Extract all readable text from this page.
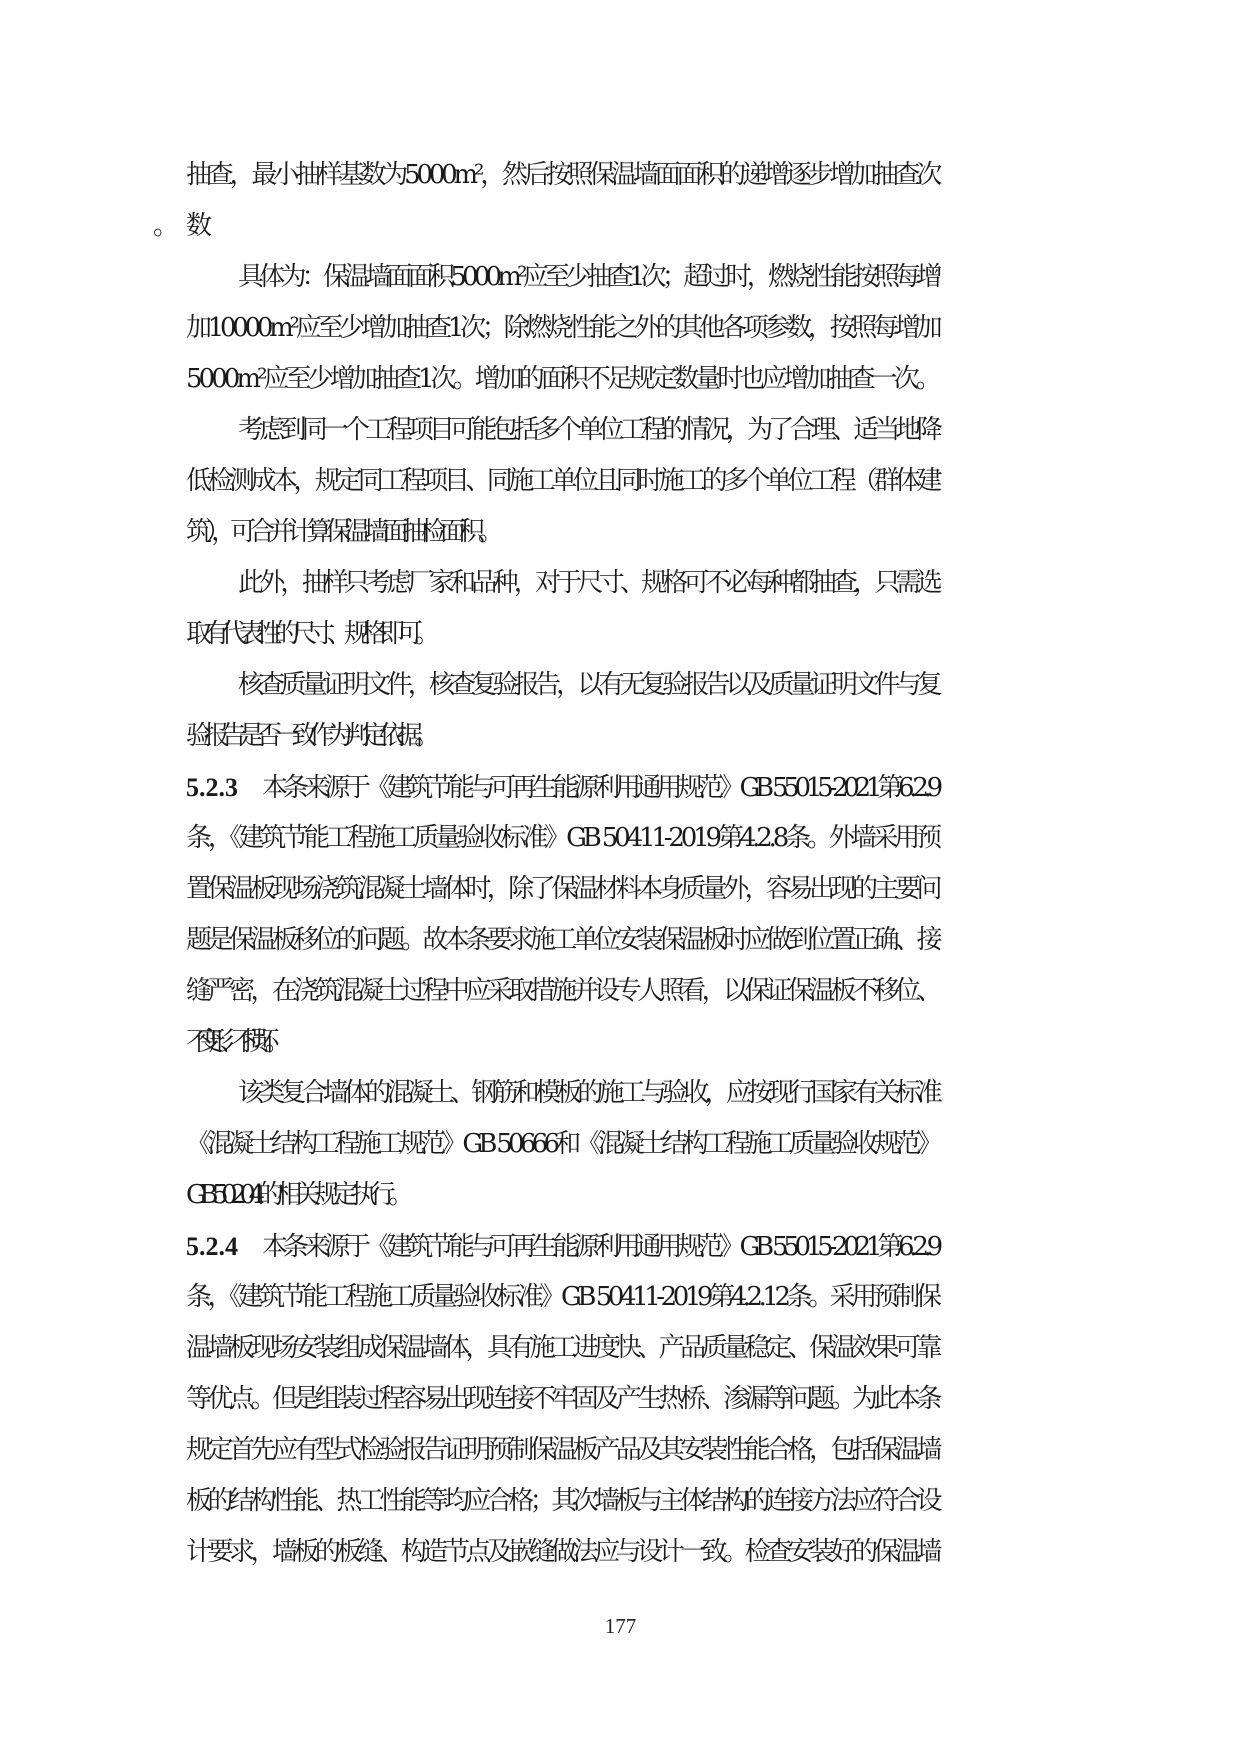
抽查，最小抽样基数为5000m²，然后按照保温墙面面积的递增逐步增加抽查次
具体为：保温墙面面积5000m²应至少抽查1次；超过时，燃烧性能按照每增
加10000m²应至少增加抽查1次；除燃烧性能之外的其他各项参数，按照每增加
5000m²应至少增加抽查1次。增加的面积不足规定数量时也应增加抽查一次。
考虑到同一个工程项目可能包括多个单位工程的情况，为了合理、适当地降
低检测成本，规定同工程项目、同施工单位且同时施工的多个单位工程（群体建
筑），可合并计算保温墙面抽检面积。
此外，抽样只考虑厂家和品种，对于尺寸、规格可不必每种都抽查，只需选
取有代表性的尺寸、规格即可。
核查质量证明文件，核查复验报告，以有无复验报告以及质量证明文件与复
验报告是否一致作为判定依据。
5.2.3 本条来源于《建筑节能与可再生能源利用通用规范》GB 55015-2021第6.2.9
条，《建筑节能工程施工质量验收标准》GB 50411-2019第4.2.8条。外墙采用预
置保温板现场浇筑混凝土墙体时，除了保温材料本身质量外，容易出现的主要问
题是保温板移位的问题。故本条要求施工单位安装保温板时应做到位置正确、接
缝严密，在浇筑混凝土过程中应采取措施并设专人照看，以保证保温板不移位、
不变形、不损坏。
该类复合墙体的混凝土、钢筋和模板的施工与验收，应按现行国家有关标准
《混凝土结构工程施工规范》GB 50666和《混凝土结构工程施工质量验收规范》
GB 50204的相关规定执行。
5.2.4 本条来源于《建筑节能与可再生能源利用通用规范》GB 55015-2021第6.2.9
条，《建筑节能工程施工质量验收标准》GB 50411-2019第4.2.12条。采用预制保
温墙板现场安装组成保温墙体，具有施工进度快、产品质量稳定、保温效果可靠
等优点。但是组装过程容易出现连接不牢固及产生热桥、渗漏等问题。为此本条
规定首先应有型式检验报告证明预制保温板产品及其安装性能合格，包括保温墙
板的结构性能、热工性能等均应合格；其次墙板与主体结构的连接方法应符合设
计要求，墙板的板缝、构造节点及嵌缝做法应与设计一致。检查安装好的保温墙
177
